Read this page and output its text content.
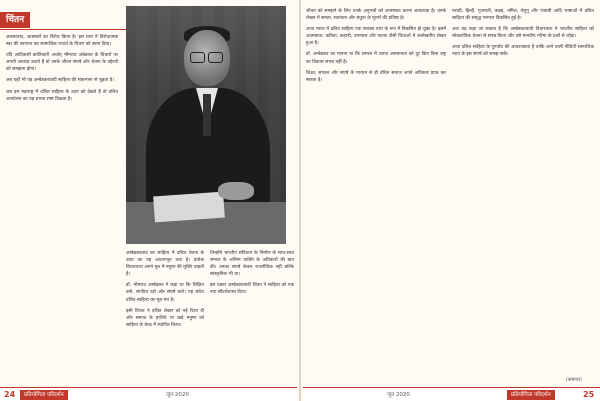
चिंतन

अवसरवाद, आडम्बरों का विरोध किया है। इस धारा ने विरोधात्मक स्वर की स्थापना कर सामाजिक यथार्थ के चित्रण को स्थान दिया।

यदि आदिवासी क्रांतिकारी अर्थात् भीमराव अंबेडकर के विचारों पर अपनी आवाज़ उठाते हैं तो उनके जीवन संघर्ष और चेतना के उद्देश्यों को समझना होगा।

अब यहाँ भी यह अम्बेडकरवादी साहित्य की संकल्पना से जुड़ता है।

जब हम महाराष्ट्र में दलित साहित्य के उदय को देखते हैं तो दलित आन्दोलन का यह प्रभाव स्पष्ट दिखता है।

अम्बेडकरवाद का साहित्य में दलित चेतना के उदय का यह आधारभूत तत्व है। प्रत्येक विचारधारा अपने मूल में मनुष्य की मुक्ति चाहती है।

डॉ. भीमराव अम्बेडकर ने कहा था कि शिक्षित बनो, संगठित रहो और संघर्ष करो। यह संदेश दलित साहित्य का मूल मंत्र है।

इसी विचार ने दलित लेखन को नई दिशा दी और समाज के हाशिये पर खड़े मनुष्य को साहित्य के केन्द्र में स्थापित किया।

जिन्होंने भारतीय संविधान के निर्माण के साथ-साथ समाज के अन्तिम व्यक्ति के अधिकारों की बात की। उनका संघर्ष केवल राजनीतिक नहीं बल्कि सांस्कृतिक भी था।

इस प्रकार अम्बेडकरवादी चिंतन ने साहित्य को एक नया सौंदर्यशास्त्र दिया।

जीवन को समझने के लिए उनके अनुभवों को आत्मसात करना आवश्यक है। उनके लेखन में समता, स्वतंत्रता और बंधुता के मूल्यों की प्रतिष्ठा है।

आज भारत में दलित साहित्य एक सशक्त धारा के रूप में विकसित हो चुका है। इसमें आत्मकथा, कविता, कहानी, उपन्यास और नाटक जैसी विधाओं में उल्लेखनीय लेखन हुआ है।

डॉ. अम्बेडकर का मानना था कि समाज में व्याप्त असमानता को दूर किए बिना राष्ट्र का विकास संभव नहीं है।

शिक्षा, संगठन और संघर्ष के माध्यम से ही वंचित समाज अपने अधिकार प्राप्त कर सकता है।

मराठी, हिन्दी, गुजराती, कन्नड़, तमिल, तेलुगू और पंजाबी आदि भाषाओं में दलित साहित्य की समृद्ध परम्परा विकसित हुई है।

अतः यह कहा जा सकता है कि अम्बेडकरवादी विचारधारा ने भारतीय साहित्य को लोकतांत्रिक चेतना से संपन्न किया और उसे मानवीय गरिमा के प्रश्नों से जोड़ा।

आज दलित साहित्य के पुनर्पाठ की आवश्यकता है ताकि आने वाली पीढ़ियाँ सामाजिक न्याय के इस संघर्ष को समझ सकें।

(समाप्त)
24	प्रतियोगिता परिदर्शन	जून 2020	जून 2020	प्रतियोगिता परिदर्शन	25
